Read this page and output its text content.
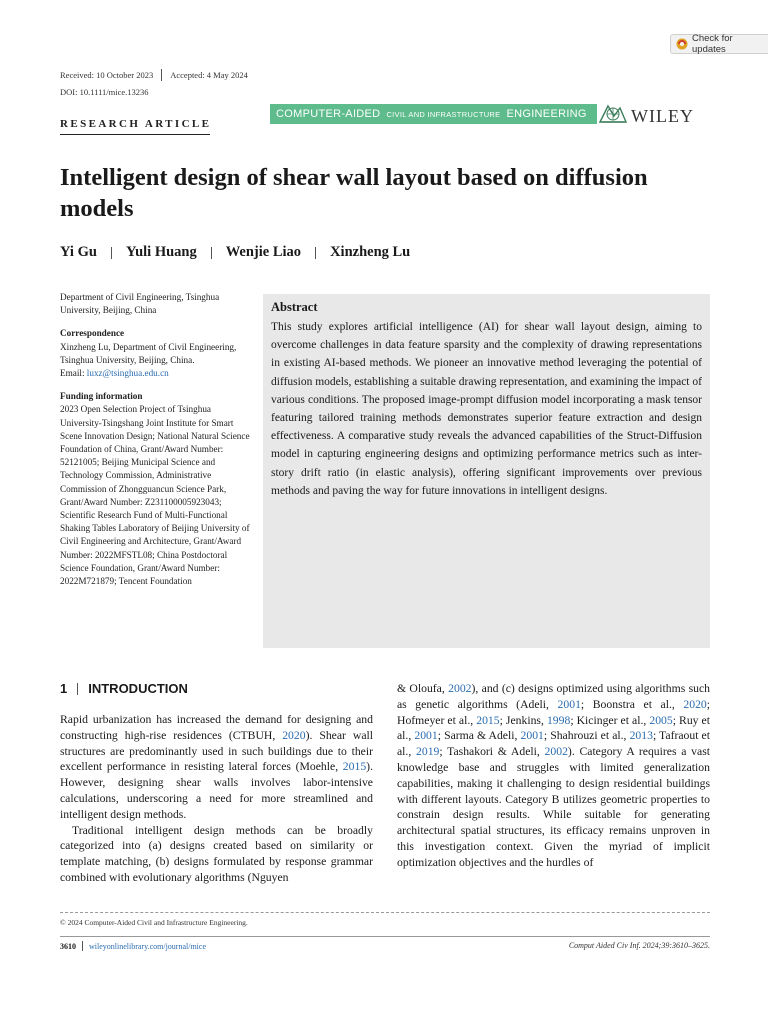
Check for updates
Received: 10 October 2023 Accepted: 4 May 2024
DOI: 10.1111/mice.13236
RESEARCH ARTICLE
COMPUTER-AIDED CIVIL AND INFRASTRUCTURE ENGINEERING WILEY
Intelligent design of shear wall layout based on diffusion models
Yi Gu Yuli Huang Wenjie Liao Xinzheng Lu

Department of Civil Engineering, Tsinghua University, Beijing, China

Correspondence

Xinzheng Lu, Department of Civil Engineering, Tsinghua University, Beijing, China.

Email: luxz@tsinghua.edu.cn

Funding information

2023 Open Selection Project of Tsinghua University-Tsingshang Joint Institute for Smart Scene Innovation Design; National Natural Science Foundation of China, Grant/Award Number: 52121005; Beijing Municipal Science and Technology Commission, Administrative Commission of Zhongguancun Science Park, Grant/Award Number: Z231100005923043; Scientific Research Fund of Multi-Functional Shaking Tables Laboratory of Beijing University of Civil Engineering and Architecture, Grant/Award Number: 2022MFSTL08; China Postdoctoral Science Foundation, Grant/Award Number: 2022M721879; Tencent Foundation

Abstract
This study explores artificial intelligence (AI) for shear wall layout design, aiming to overcome challenges in data feature sparsity and the complexity of drawing representations in existing AI-based methods. We pioneer an innovative method leveraging the potential of diffusion models, establishing a suitable drawing representation, and examining the impact of various conditions. The proposed image-prompt diffusion model incorporating a mask tensor featuring tailored training methods demonstrates superior feature extraction and design effectiveness. A comparative study reveals the advanced capabilities of the Struct-Diffusion model in capturing engineering designs and optimizing performance metrics such as inter-story drift ratio (in elastic analysis), offering significant improvements over previous methods and paving the way for future innovations in intelligent designs.
1 INTRODUCTION

Rapid urbanization has increased the demand for designing and constructing high-rise residences (CTBUH, 2020). Shear wall structures are predominantly used in such buildings due to their excellent performance in resisting lateral forces (Moehle, 2015). However, designing shear walls involves labor-intensive calculations, underscoring a need for more streamlined and intelligent design methods.

Traditional intelligent design methods can be broadly categorized into (a) designs created based on similarity or template matching, (b) designs formulated by response grammar combined with evolutionary algorithms (Nguyen

& Oloufa, 2002), and (c) designs optimized using algorithms such as genetic algorithms (Adeli, 2001; Boonstra et al., 2020; Hofmeyer et al., 2015; Jenkins, 1998; Kicinger et al., 2005; Ruy et al., 2001; Sarma & Adeli, 2001; Shahrouzi et al., 2013; Tafraout et al., 2019; Tashakori & Adeli, 2002). Category A requires a vast knowledge base and struggles with limited generalization capabilities, making it challenging to design residential buildings with different layouts. Category B utilizes geometric properties to constrain design results. While suitable for generating architectural spatial structures, its efficacy remains unproven in this investigation context. Given the myriad of implicit optimization objectives and the hurdles of

© 2024 Computer-Aided Civil and Infrastructure Engineering.
3610 wileyonlinelibrary.com/journal/mice	Comput Aided Civ Inf. 2024;39:3610–3625.
